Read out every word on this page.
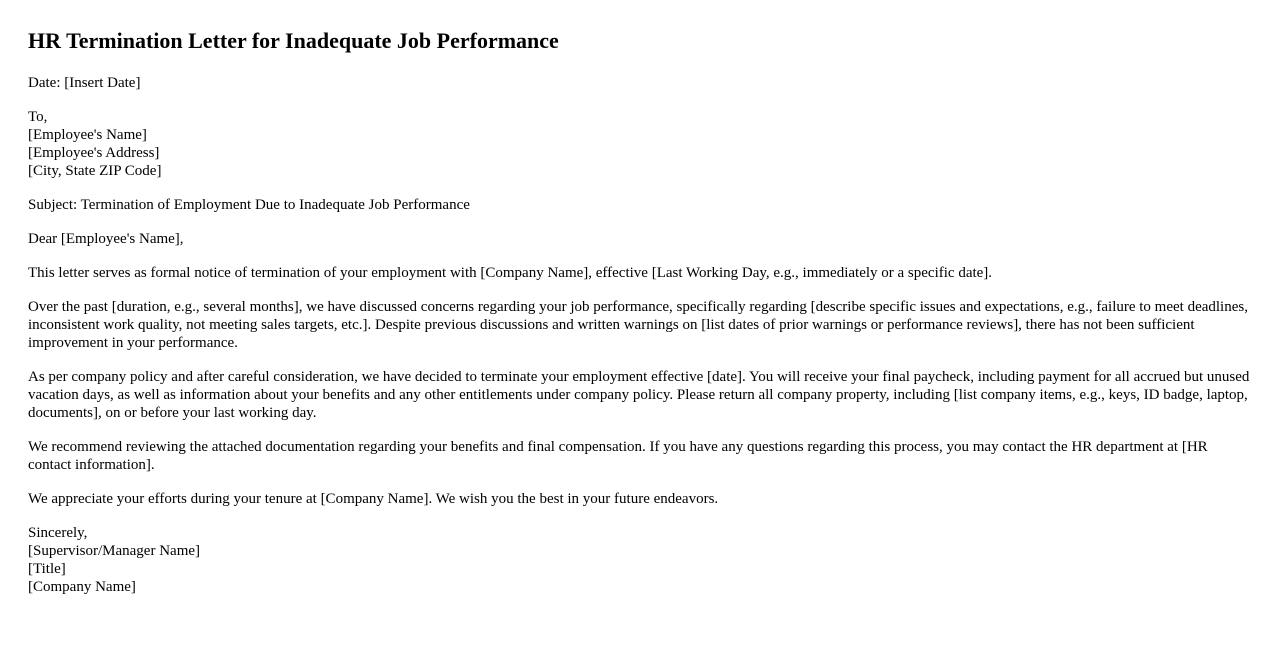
HR Termination Letter for Inadequate Job Performance

Date: [Insert Date]

To,
[Employee's Name]
[Employee's Address]
[City, State ZIP Code]

Subject: Termination of Employment Due to Inadequate Job Performance

Dear [Employee's Name],

This letter serves as formal notice of termination of your employment with [Company Name], effective [Last Working Day, e.g., immediately or a specific date].

Over the past [duration, e.g., several months], we have discussed concerns regarding your job performance, specifically regarding [describe specific issues and expectations, e.g., failure to meet deadlines, inconsistent work quality, not meeting sales targets, etc.]. Despite previous discussions and written warnings on [list dates of prior warnings or performance reviews], there has not been sufficient improvement in your performance.

As per company policy and after careful consideration, we have decided to terminate your employment effective [date]. You will receive your final paycheck, including payment for all accrued but unused vacation days, as well as information about your benefits and any other entitlements under company policy. Please return all company property, including [list company items, e.g., keys, ID badge, laptop, documents], on or before your last working day.

We recommend reviewing the attached documentation regarding your benefits and final compensation. If you have any questions regarding this process, you may contact the HR department at [HR contact information].

We appreciate your efforts during your tenure at [Company Name]. We wish you the best in your future endeavors.

Sincerely,
[Supervisor/Manager Name]
[Title]
[Company Name]
